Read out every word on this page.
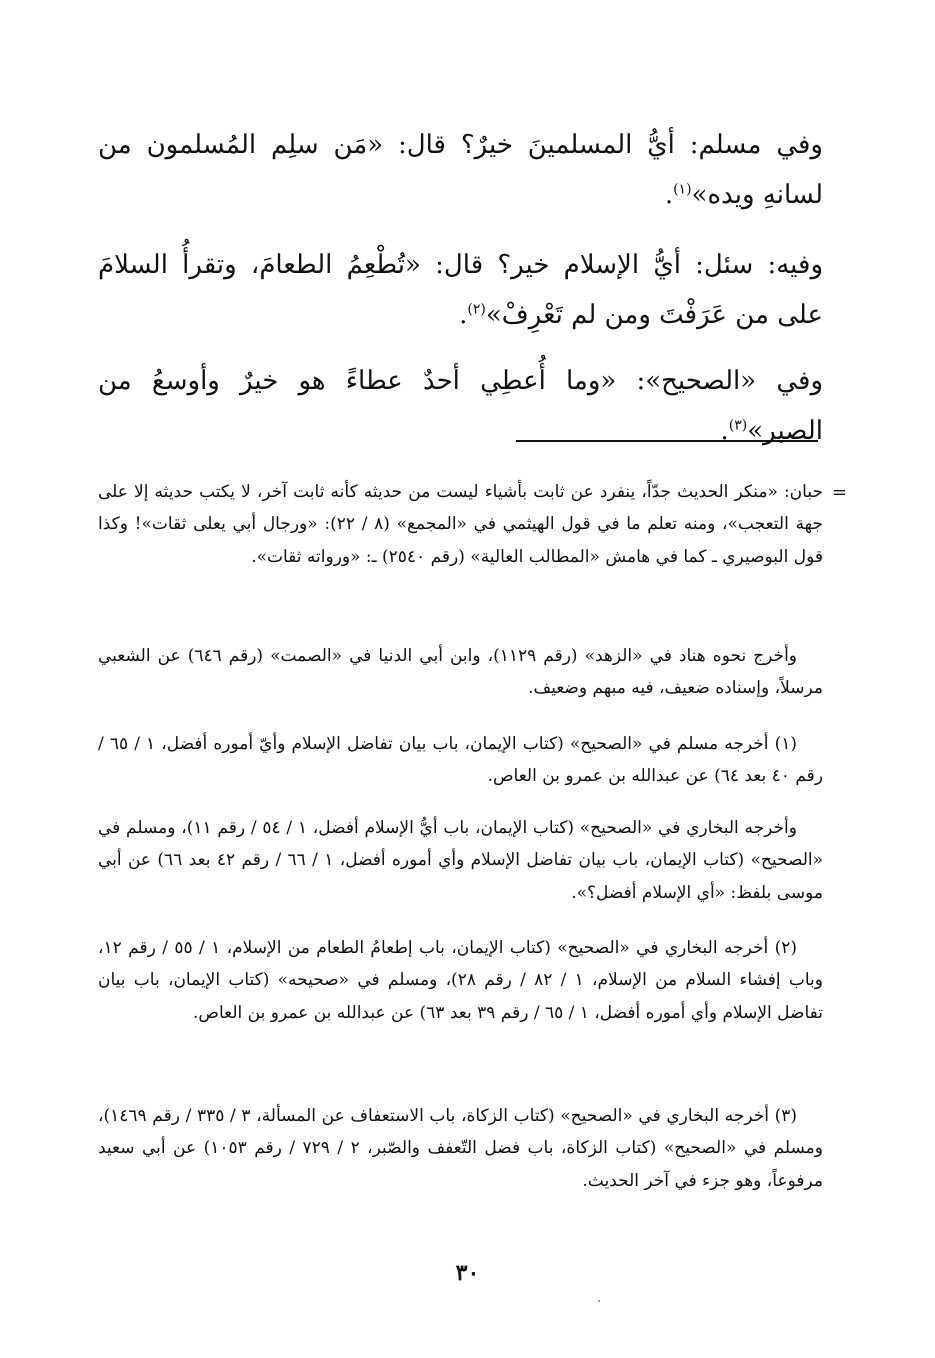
وفي مسلم: أيُّ المسلمينَ خيرٌ؟ قال: «مَن سلِم المُسلمون من لسانهِ ويده»$^{(١)}$.

وفيه: سئل: أيُّ الإسلام خير؟ قال: «تُطْعِمُ الطعامَ، وتقرأُ السلامَ على من عَرَفْتَ ومن لم تَعْرِفْ»$^{(٢)}$.

وفي «الصحيح»: «وما أُعطِي أحدٌ عطاءً هو خيرٌ وأوسعُ من الصبر»$^{(٣)}$.

=

حبان: «منكر الحديث جدّاً، ينفرد عن ثابت بأشياء ليست من حديثه كأنه ثابت آخر، لا يكتب حديثه إلا على جهة التعجب»، ومنه تعلم ما في قول الهيثمي في «المجمع» (٨ / ٢٢): «ورجال أبي يعلى ثقات»! وكذا قول البوصيري ـ كما في هامش «المطالب العالية» (رقم ٢٥٤٠) ـ: «ورواته ثقات».

وأخرج نحوه هناد في «الزهد» (رقم ١١٢٩)، وابن أبي الدنيا في «الصمت» (رقم ٦٤٦) عن الشعبي مرسلاً، وإسناده ضعيف، فيه مبهم وضعيف.

(١) أخرجه مسلم في «الصحيح» (كتاب الإيمان، باب بيان تفاضل الإسلام وأيّ أموره أفضل، ١ / ٦٥ / رقم ٤٠ بعد ٦٤) عن عبدالله بن عمرو بن العاص.

وأخرجه البخاري في «الصحيح» (كتاب الإيمان، باب أيُّ الإسلام أفضل، ١ / ٥٤ / رقم ١١)، ومسلم في «الصحيح» (كتاب الإيمان، باب بيان تفاضل الإسلام وأي أموره أفضل، ١ / ٦٦ / رقم ٤٢ بعد ٦٦) عن أبي موسى بلفظ: «أي الإسلام أفضل؟».

(٢) أخرجه البخاري في «الصحيح» (كتاب الإيمان، باب إطعامُ الطعام من الإسلام، ١ / ٥٥ / رقم ١٢، وباب إفشاء السلام من الإسلام، ١ / ٨٢ / رقم ٢٨)، ومسلم في «صحيحه» (كتاب الإيمان، باب بيان تفاضل الإسلام وأي أموره أفضل، ١ / ٦٥ / رقم ٣٩ بعد ٦٣) عن عبدالله بن عمرو بن العاص.

(٣) أخرجه البخاري في «الصحيح» (كتاب الزكاة، باب الاستعفاف عن المسألة، ٣ / ٣٣٥ / رقم ١٤٦٩)، ومسلم في «الصحيح» (كتاب الزكاة، باب فضل التّعفف والصّبر، ٢ / ٧٢٩ / رقم ١٠٥٣) عن أبي سعيد مرفوعاً، وهو جزء في آخر الحديث.

٣٠
